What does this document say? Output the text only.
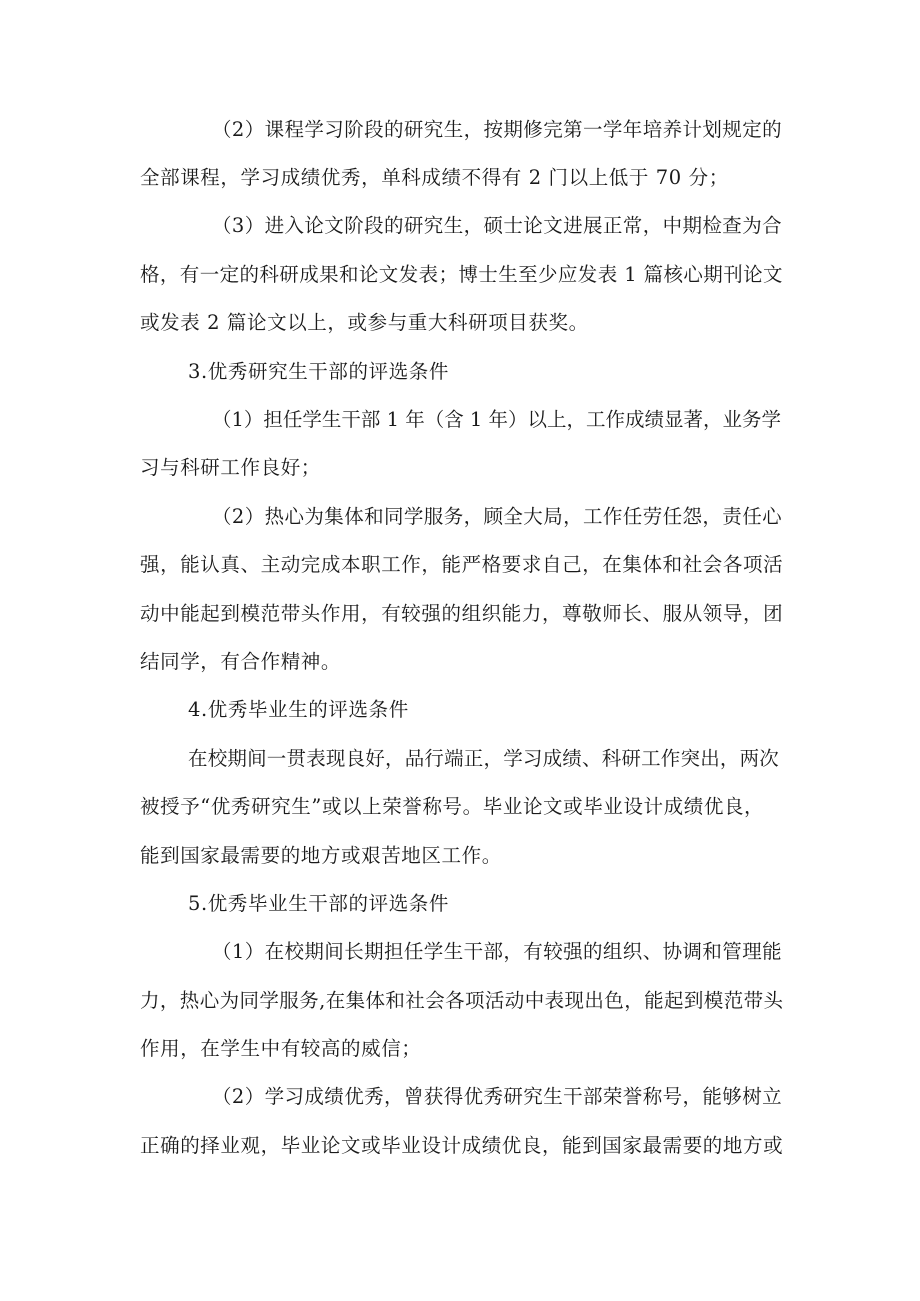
（2）课程学习阶段的研究生，按期修完第一学年培养计划规定的
全部课程，学习成绩优秀，单科成绩不得有 2 门以上低于 70 分；
（3）进入论文阶段的研究生，硕士论文进展正常，中期检查为合
格，有一定的科研成果和论文发表；博士生至少应发表 1 篇核心期刊论文
或发表 2 篇论文以上，或参与重大科研项目获奖。
3.优秀研究生干部的评选条件
（1）担任学生干部 1 年（含 1 年）以上，工作成绩显著，业务学
习与科研工作良好；
（2）热心为集体和同学服务，顾全大局，工作任劳任怨，责任心
强，能认真、主动完成本职工作，能严格要求自己，在集体和社会各项活
动中能起到模范带头作用，有较强的组织能力，尊敬师长、服从领导，团
结同学，有合作精神。
4.优秀毕业生的评选条件
在校期间一贯表现良好，品行端正，学习成绩、科研工作突出，两次
被授予“优秀研究生”或以上荣誉称号。毕业论文或毕业设计成绩优良，
能到国家最需要的地方或艰苦地区工作。
5.优秀毕业生干部的评选条件
（1）在校期间长期担任学生干部，有较强的组织、协调和管理能
力，热心为同学服务,在集体和社会各项活动中表现出色，能起到模范带头
作用，在学生中有较高的威信；
（2）学习成绩优秀，曾获得优秀研究生干部荣誉称号，能够树立
正确的择业观，毕业论文或毕业设计成绩优良，能到国家最需要的地方或
